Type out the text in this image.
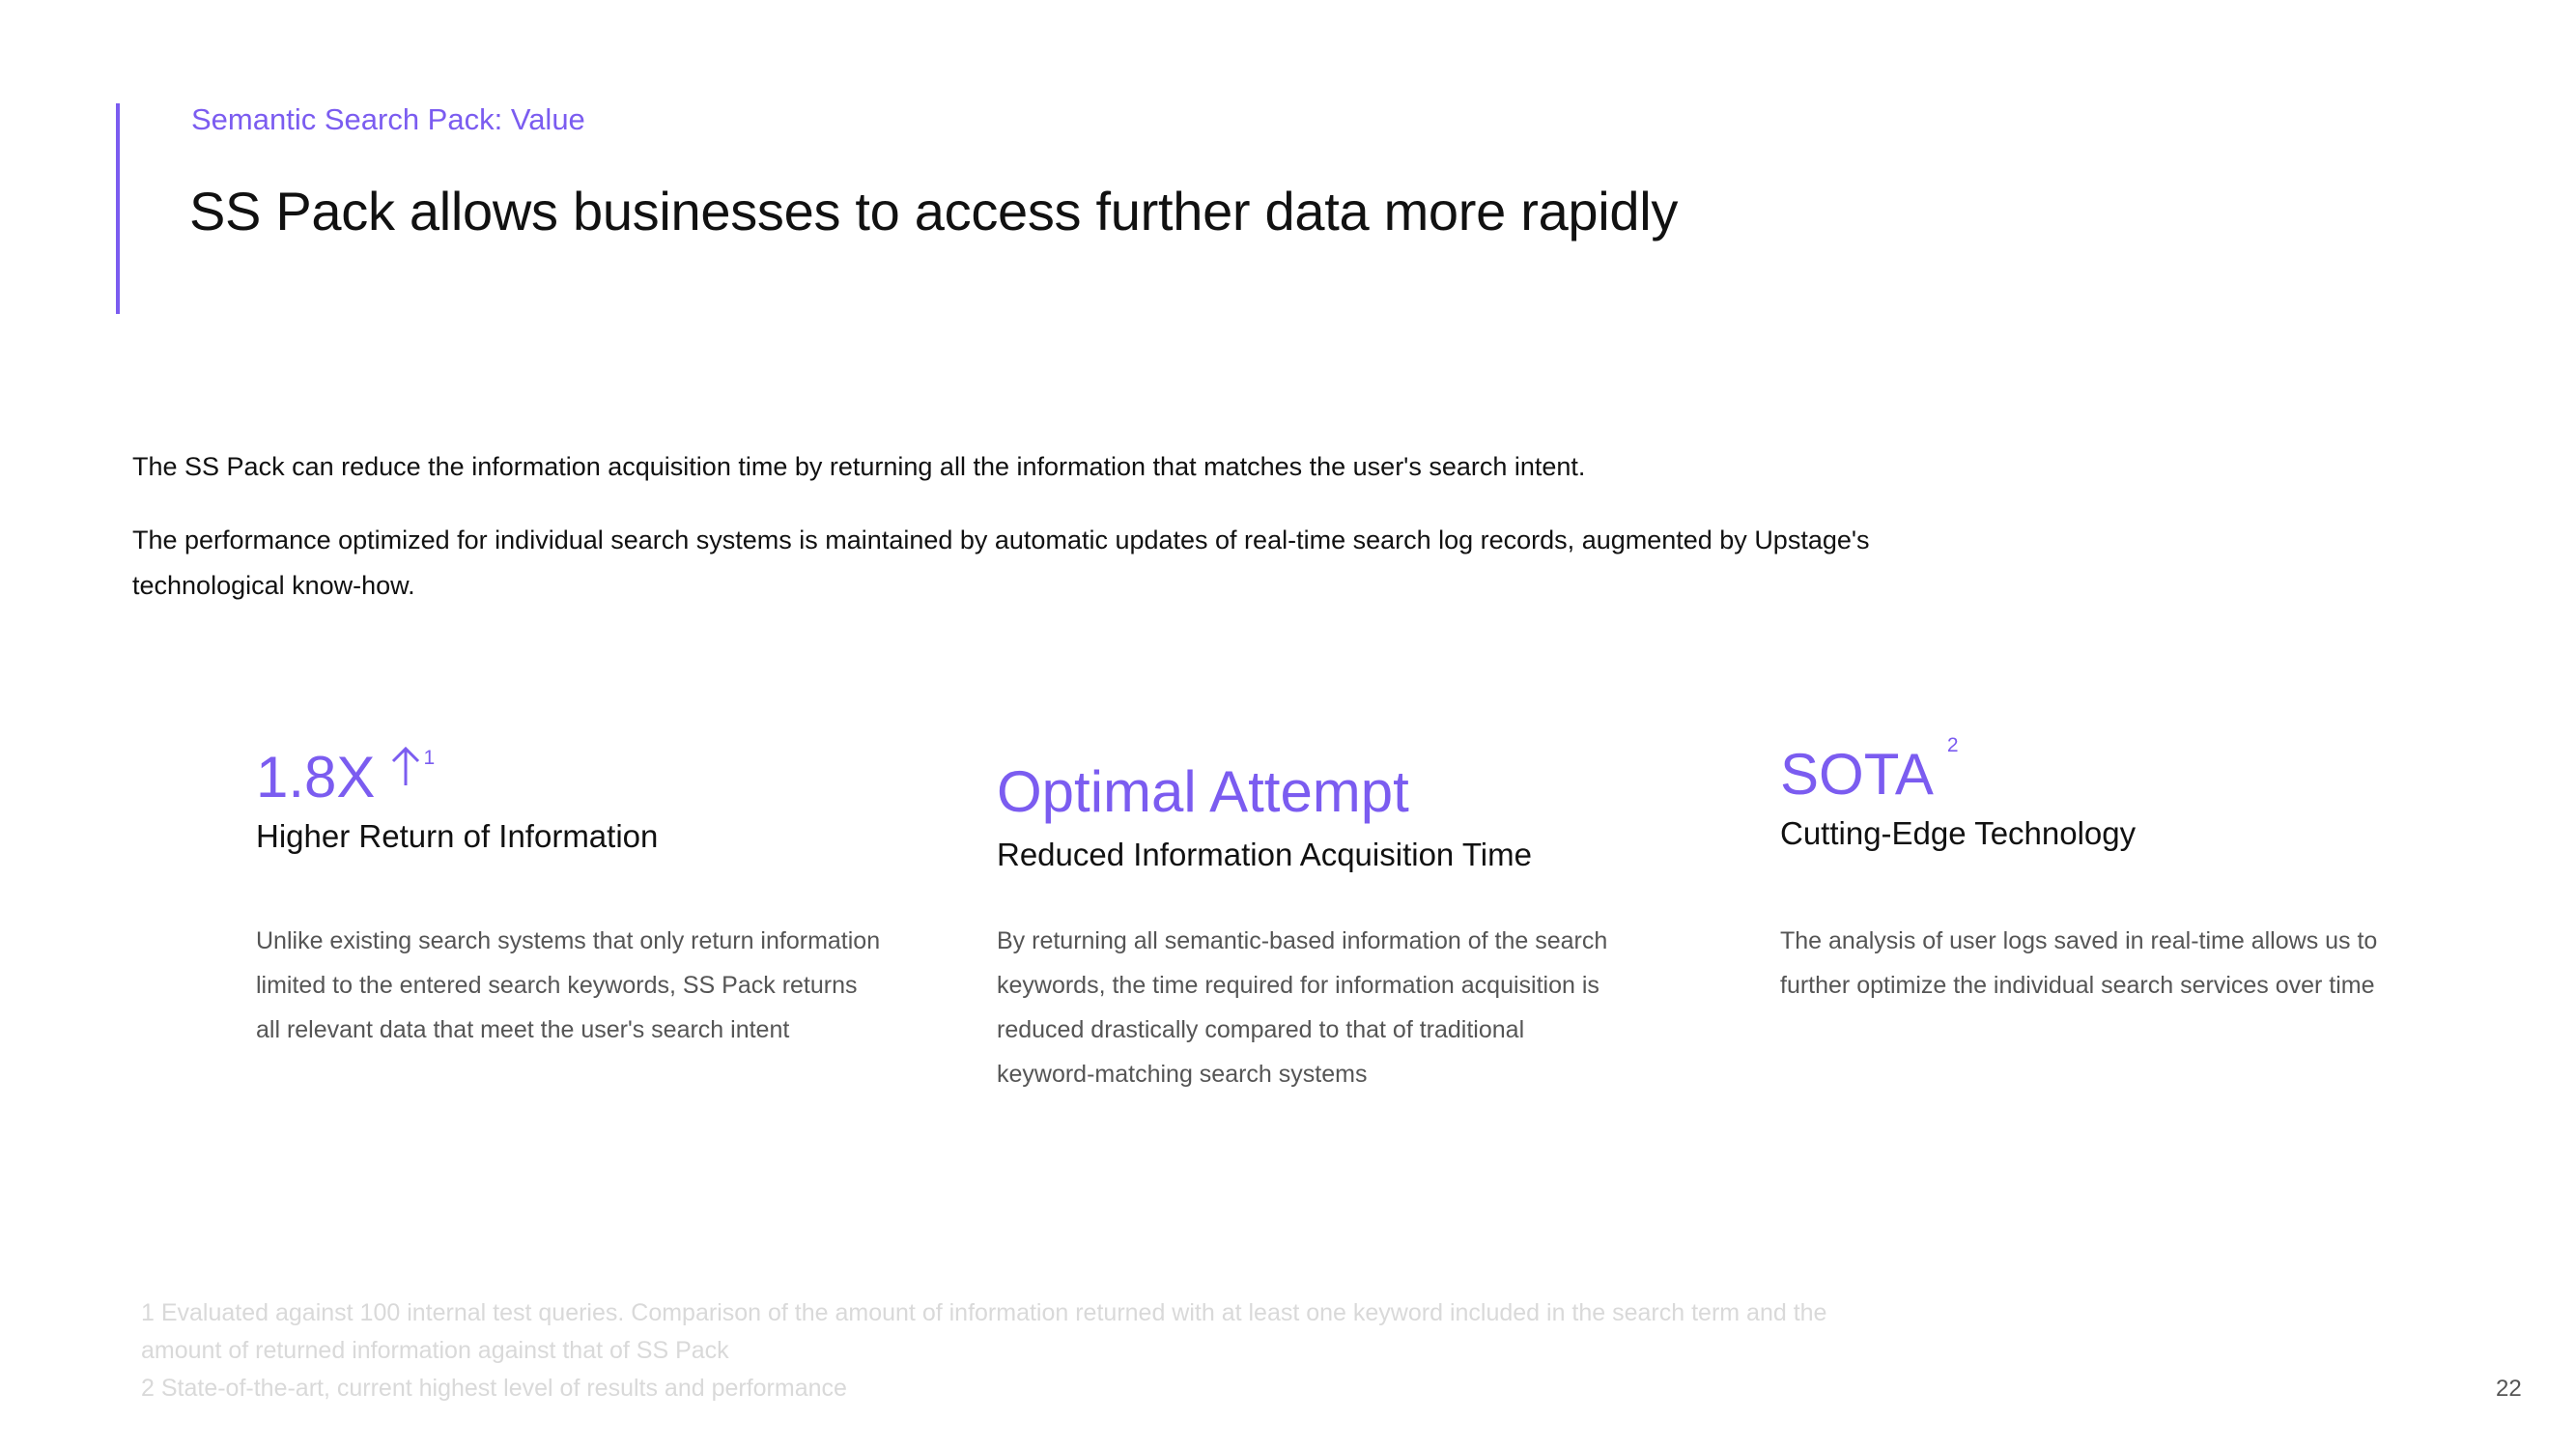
Semantic Search Pack: Value
SS Pack allows businesses to access further data more rapidly
The SS Pack can reduce the information acquisition time by returning all the information that matches the user's search intent.
The performance optimized for individual search systems is maintained by automatic updates of real-time search log records, augmented by Upstage's technological know-how.
1.8X 1
Higher Return of Information
Unlike existing search systems that only return information limited to the entered search keywords, SS Pack returns all relevant data that meet the user's search intent
Optimal Attempt
Reduced Information Acquisition Time
By returning all semantic-based information of the search keywords, the time required for information acquisition is reduced drastically compared to that of traditional keyword-matching search systems
SOTA 2
Cutting-Edge Technology
The analysis of user logs saved in real-time allows us to further optimize the individual search services over time

1 Evaluated against 100 internal test queries. Comparison of the amount of information returned with at least one keyword included in the search term and the amount of returned information against that of SS Pack

2 State-of-the-art, current highest level of results and performance	22
